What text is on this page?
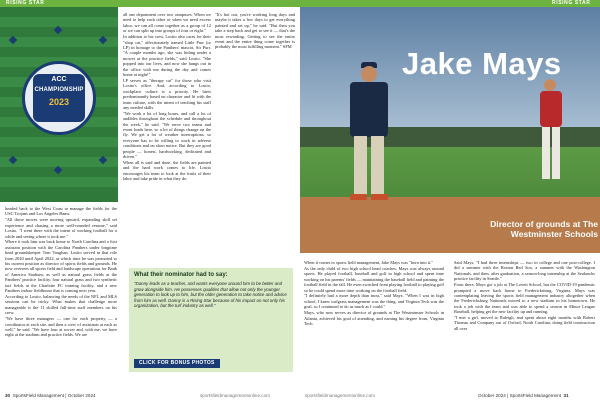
RISING STAR
ACC
CHAMPIONSHIP
2023

headed back to the West Coast to manage the fields for the USC Trojans and Los Angeles Rams.

"All those moves were moving upward, expanding skill set experience and chasing a more well-rounded resume," said Losito. "I went there with the intent of working football for a while and seeing where it took me."

Where it took him was back home to North Carolina and a first assistant position with the Carolina Panthers under longtime head groundskeeper Tom Vaughan. Losito served in that role from 2020 until April 2022, at which time he was promoted to his current position as director of sports fields and grounds. He now oversees all sports field and landscape operations for Bank of America Stadium, as well as natural grass fields at the Panthers' practice facility, four natural grass and two synthetic turf fields at the Charlotte FC training facility, and a new Panthers indoor fieldhouse that is coming next year.

According to Losito, balancing the needs of the NFL and MLS sessions can be tricky. What makes that challenge more manageable is the 11 skilled full-time staff members on his crew.

"We have three managers — one for each property — a coordinator at each site, and then a crew of assistants at each as well," he said. "We have four at soccer and, with me, we have eight at the stadium and practice fields. We are

all one department over two campuses. When we need to help each other or when we need excess labor, we can all come together as a group of 12 or we can split up into groups of four or eight."

In addition to his crew, Losito also cares for their "shop cat," affectionately named Little Purr (or LP) in homage to the Panthers' mascot, Sir Purr. "A couple months ago, she was hiding under a mower at the practice fields," said Losito. "She popped into our lives, and now she hangs out in the office with me during the day and comes home at night!"

LP serves as "therapy cat" for those who visit Losito's office. And, according to Losito, workplace culture is a priority. He hires predominantly based on character and fit with the team culture, with the intent of teaching his staff any needed skills.

"We work a lot of long hours, and call a lot of audibles throughout the schedule and throughout the week," he said. "We serve two teams and event loads here, so a lot of things change on the fly. We get a lot of weather interruptions, so everyone has to be willing to work in adverse conditions and on short notice. But they are good people — honest, hardworking, dedicated and driven."

When all is said and done, the fields are painted and the hard work comes to life. Losito encourages his team to look at the fruits of their labor and take pride in what they do.

"It's hot out, you're working long days and maybe it takes a few days to get everything painted and set up," he said. "But then you take a step back and get to see it — that's the most rewarding. Getting to see the entire event and the entire thing come together is probably the most fulfilling moment." SFM

What their nominator had to say:
"Danny leads as a teacher, and wants everyone around him to be better and grow alongside him. He possesses qualities that allow not only the younger generation to look up to him, but the older generation to take notice and advice from him as well. Danny is a Rising Star because of his impact on not only his organization, but the turf industry as well."
CLICK FOR BONUS PHOTOS
30 SportsField Management | October 2024	sportsfieldmanagementonline.com
RISING STAR
Jake Mays
Director of grounds at The Westminster Schools

When it comes to sports field management, Jake Mays was "born into it."

As the only child of two high school head coaches, Mays was always around sports. He played football, baseball and golf in high school and spent time working on his parents' fields — maintaining the baseball field and painting the football field in the fall. He even switched from playing football to playing golf so he could spend more time working on the football field.

"I definitely had a more depth than most," said Mays. "When I was in high school, I knew turfgrass management was the thing, and Virginia Tech was the goal, so I continued to do as much as I could."

Mays, who now serves as director of grounds at The Westminster Schools in Atlanta, achieved his goal of attending, and earning his degree from, Virginia Tech.

Said Mays, "I had three internships — two in college and one post-college. I did a summer with the Boston Red Sox, a summer with the Washington Nationals, and then, after graduation, a season-long internship at the Seahawks practice facility in Seattle."

From there, Mays got a job at The Lovett School, but the COVID-19 pandemic prompted a move back home to Fredericksburg, Virginia. Mays was contemplating leaving the sports field management industry altogether when the Fredericksburg Nationals moved to a new stadium in his hometown. He took a job with the team and was able to spend a season in Minor League Baseball, helping get the new facility up and running.

"I met a girl, moved to Raleigh, and spent about eight months with Robert Thomas and Company out of Oxford, North Carolina, doing field construction all over

sportsfieldmanagementonline.com	October 2024 | SportsField Management 31
